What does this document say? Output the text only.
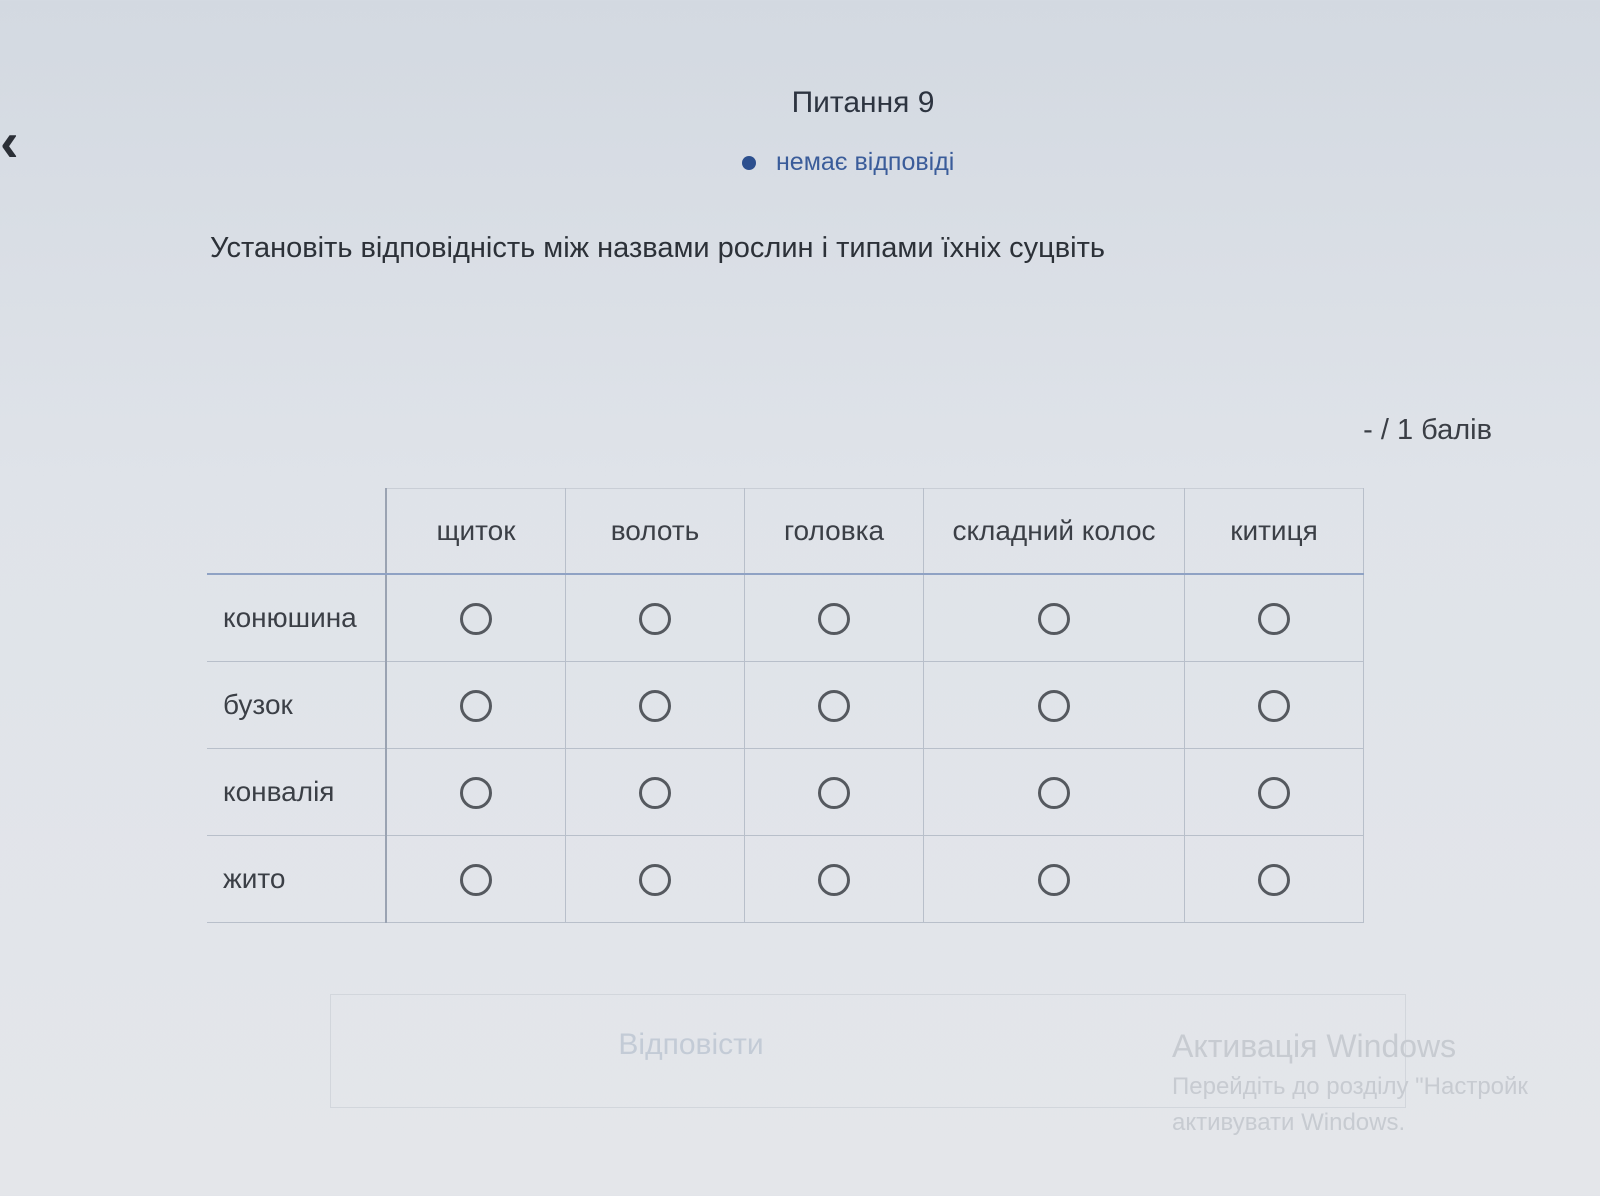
‹
Питання 9
немає відповіді
Установіть відповідність між назвами рослин і типами їхніх суцвіть
- / 1 балів
	щиток	волоть	головка	складний колос	китиця
конюшина					
бузок					
конвалія					
жито					
Відповісти	Активація Windows
Перейдіть до розділу "Настройк
активувати Windows.
